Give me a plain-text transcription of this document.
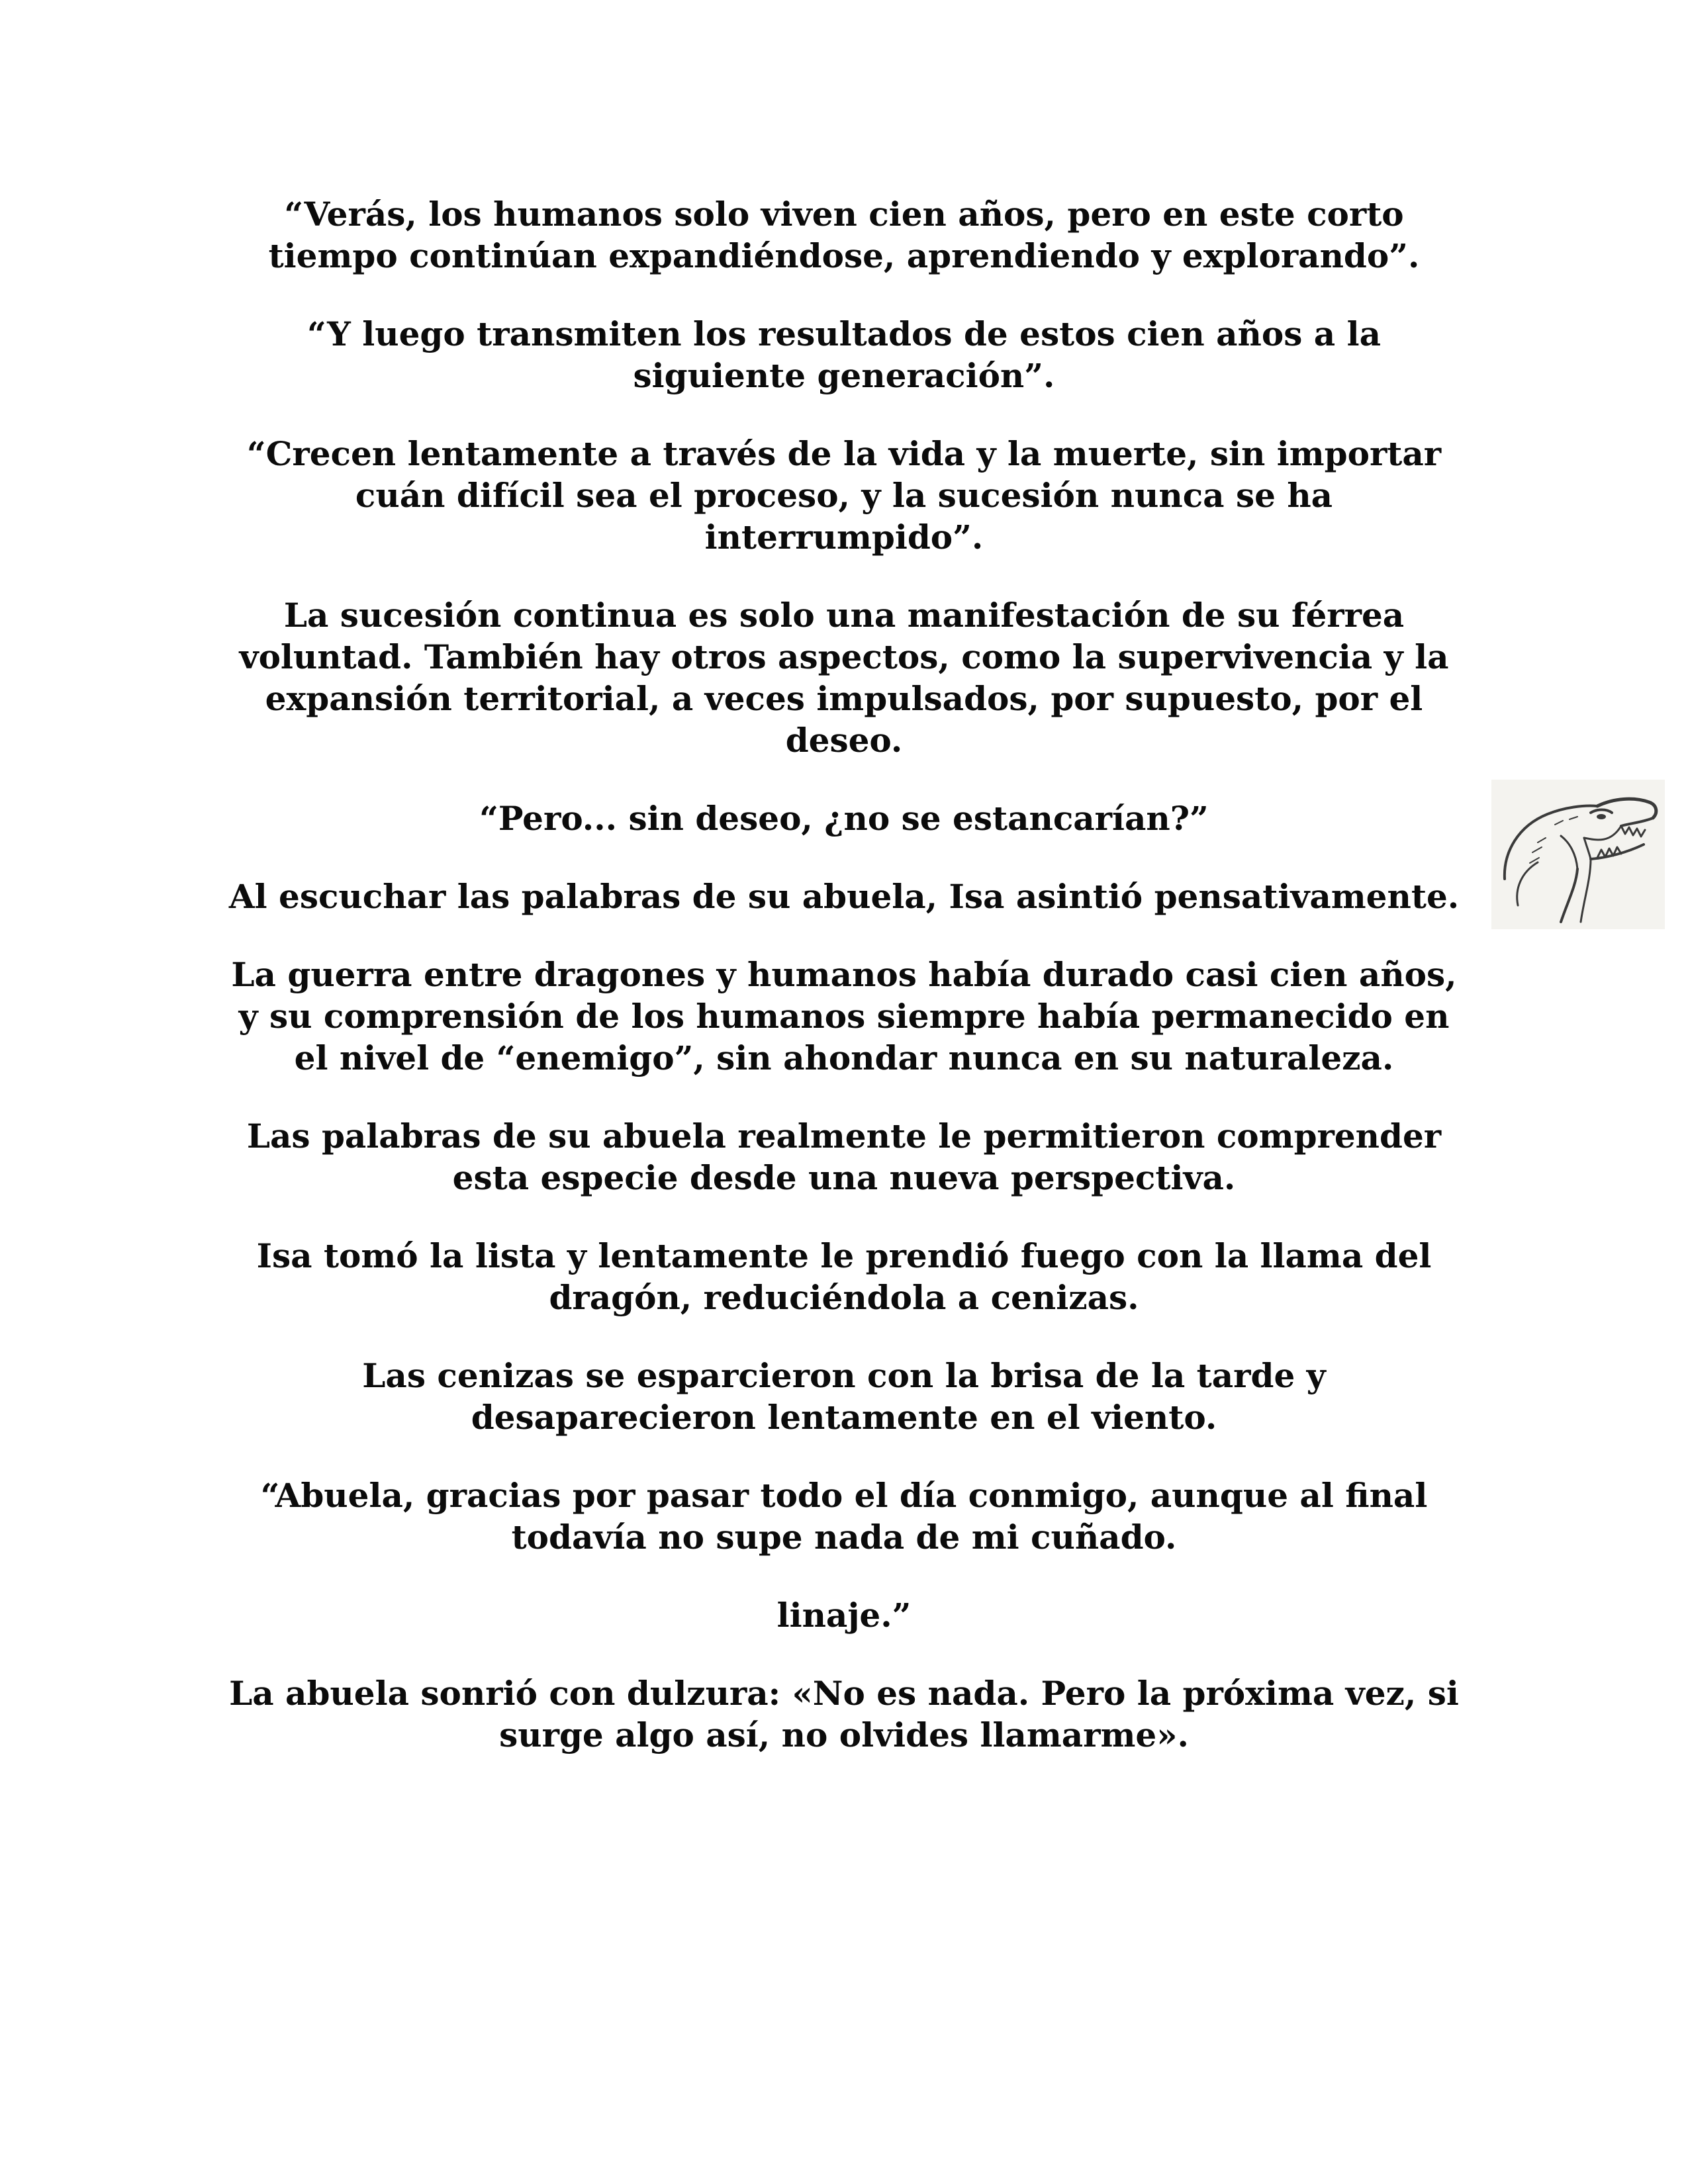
“Verás, los humanos solo viven cien años, pero en este corto tiempo continúan expandiéndose, aprendiendo y explorando”.

“Y luego transmiten los resultados de estos cien años a la siguiente generación”.

“Crecen lentamente a través de la vida y la muerte, sin importar cuán difícil sea el proceso, y la sucesión nunca se ha interrumpido”.

La sucesión continua es solo una manifestación de su férrea voluntad. También hay otros aspectos, como la supervivencia y la expansión territorial, a veces impulsados, por supuesto, por el deseo.

“Pero... sin deseo, ¿no se estancarían?”

Al escuchar las palabras de su abuela, Isa asintió pensativamente.

La guerra entre dragones y humanos había durado casi cien años, y su comprensión de los humanos siempre había permanecido en el nivel de “enemigo”, sin ahondar nunca en su naturaleza.

Las palabras de su abuela realmente le permitieron comprender esta especie desde una nueva perspectiva.

Isa tomó la lista y lentamente le prendió fuego con la llama del dragón, reduciéndola a cenizas.

Las cenizas se esparcieron con la brisa de la tarde y desaparecieron lentamente en el viento.

“Abuela, gracias por pasar todo el día conmigo, aunque al final todavía no supe nada de mi cuñado.

linaje.”

La abuela sonrió con dulzura: «No es nada. Pero la próxima vez, si surge algo así, no olvides llamarme».
